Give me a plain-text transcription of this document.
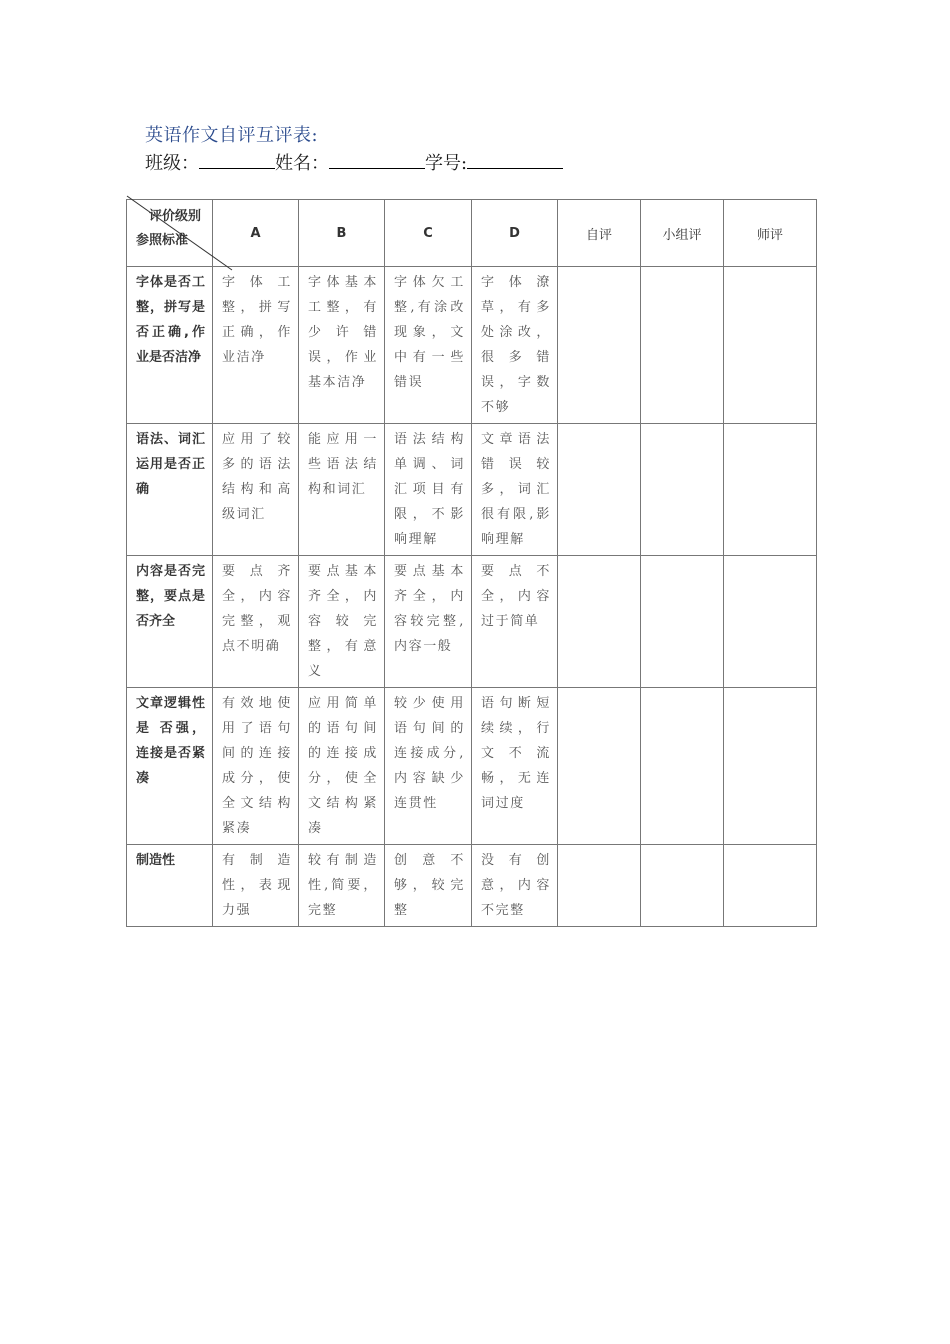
英语作文自评互评表:
班级：	姓名：	学号:
评价级别
参照标准	A	B	C	D	自评	小组评	师评
字体是否工整，拼写是否正确,作业是否洁净	字 体 工整，拼写正确，作业洁净	字体基本工整，有少 许 错误，作业基本洁净	字体欠工整,有涂改现象，文中有一些错误	字 体 潦草，有多处涂改，很 多 错误，字数不够			
语法、词汇运用是否正确	应用了较多的语法结构和高级词汇	能应用一些语法结构和词汇	语法结构单调、词汇项目有限，不影响理解	文章语法错 误 较多，词汇很有限,影响理解			
内容是否完整，要点是否齐全	要 点 齐全，内容完整，观点不明确	要点基本齐全，内容 较 完整，有意义	要点基本齐全，内容较完整,内容一般	要 点 不全，内容过于简单			
文章逻辑性 是 否强，连接是否紧凑	有效地使用了语句间的连接成分，使全文结构紧凑	应用简单的语句间的连接成分，使全文结构紧凑	较少使用语句间的连接成分,内容缺少连贯性	语句断短续续，行文 不 流畅，无连词过度			
制造性	有 制 造性，表现力强	较有制造性,简要，完整	创 意 不够，较完整	没 有 创意，内容不完整			
